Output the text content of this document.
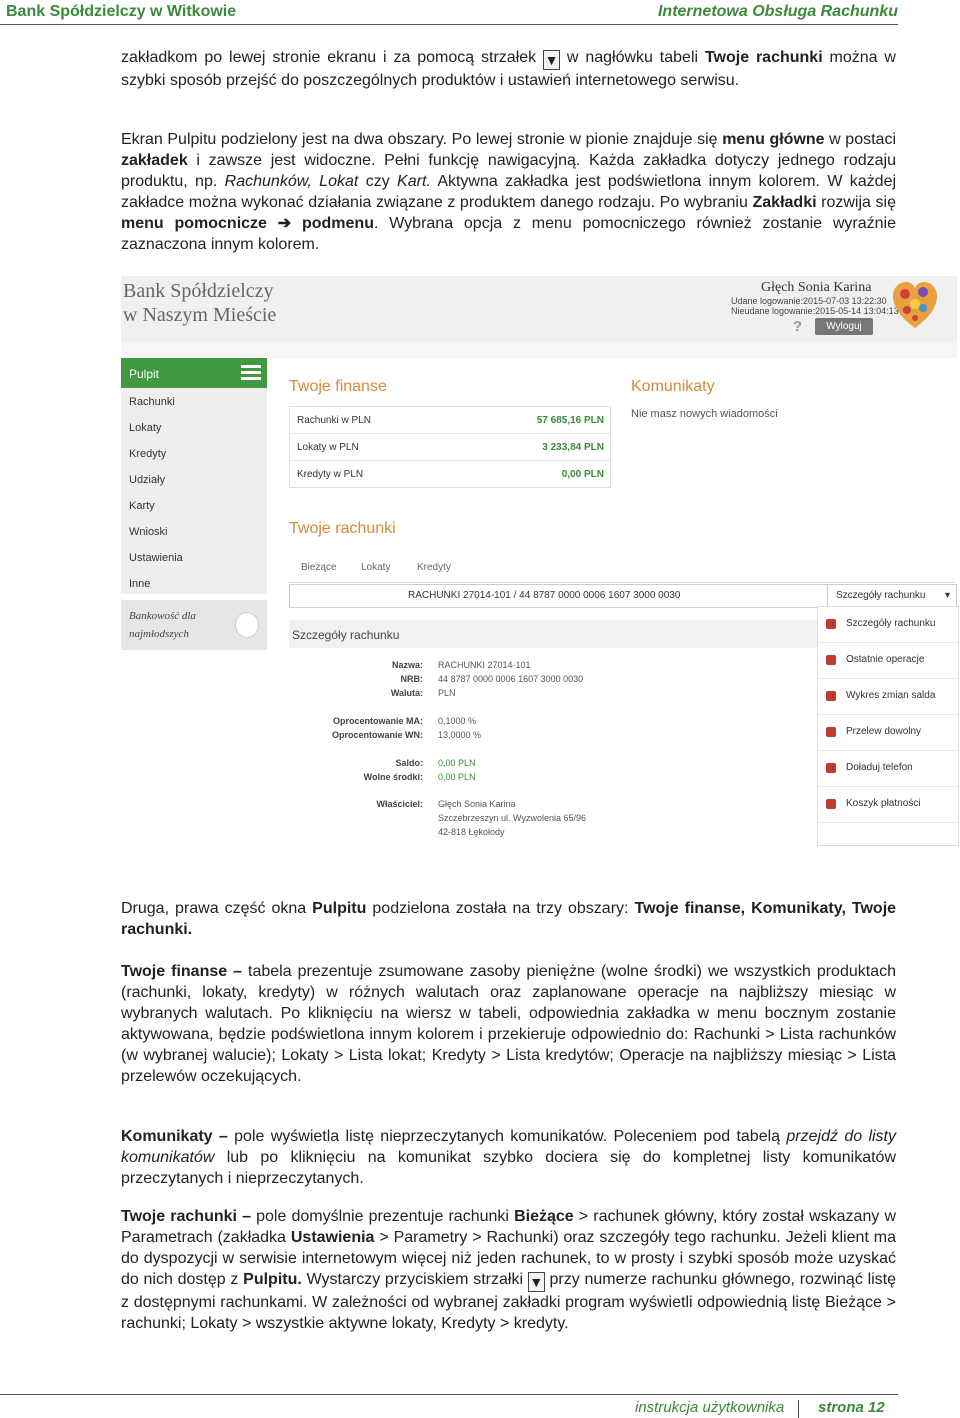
Bank Spółdzielczy w Witkowie	Internetowa Obsługa Rachunku
zakładkom po lewej stronie ekranu i za pomocą strzałek ▼ w nagłówku tabeli Twoje rachunki można w szybki sposób przejść do poszczególnych produktów i ustawień internetowego serwisu.
Ekran Pulpitu podzielony jest na dwa obszary. Po lewej stronie w pionie znajduje się menu główne w postaci zakładek i zawsze jest widoczne. Pełni funkcję nawigacyjną. Każda zakładka dotyczy jednego rodzaju produktu, np. Rachunków, Lokat czy Kart. Aktywna zakładka jest podświetlona innym kolorem. W każdej zakładce można wykonać działania związane z produktem danego rodzaju. Po wybraniu Zakładki rozwija się menu pomocnicze ➔ podmenu. Wybrana opcja z menu pomocniczego również zostanie wyraźnie zaznaczona innym kolorem.
Bank Spółdzielczy
w Naszym Mieście
Głęch Sonia Karina
Udane logowanie:2015-07-03 13:22:30
Nieudane logowanie:2015-05-14 13:04:13
?	Wyloguj
Pulpit
Rachunki
Lokaty
Kredyty
Udziały
Karty
Wnioski
Ustawienia
Inne
Bankowość dla
najmłodszych
Twoje finanse
Rachunki w PLN	57 685,16 PLN
Lokaty w PLN	3 233,84 PLN
Kredyty w PLN	0,00 PLN
Komunikaty
Nie masz nowych wiadomości
Twoje rachunki
Bieżące Lokaty	Kredyty
RACHUNKI 27014-101 / 44 8787 0000 0006 1607 3000 0030	Szczegóły rachunku ▾
Szczegóły rachunku
Nazwa: RACHUNKI 27014-101
NRB: 44 8787 0000 0006 1607 3000 0030
Waluta: PLN
Oprocentowanie MA: 0,1000 %
Oprocentowanie WN: 13,0000 %
Saldo: 0,00 PLN
Wolne środki: 0,00 PLN
Właściciel: Głęch Sonia Karina
Szczebrzeszyn ul. Wyzwolenia 65/96
42-818 Łękołody
Szczegóły rachunku
Ostatnie operacje
Wykres zmian salda
Przelew dowolny
Doładuj telefon
Koszyk płatności
Druga, prawa część okna Pulpitu podzielona została na trzy obszary: Twoje finanse, Komunikaty, Twoje rachunki.
Twoje finanse – tabela prezentuje zsumowane zasoby pieniężne (wolne środki) we wszystkich produktach (rachunki, lokaty, kredyty) w różnych walutach oraz zaplanowane operacje na najbliższy miesiąc w wybranych walutach. Po kliknięciu na wiersz w tabeli, odpowiednia zakładka w menu bocznym zostanie aktywowana, będzie podświetlona innym kolorem i przekieruje odpowiednio do: Rachunki > Lista rachunków (w wybranej walucie); Lokaty > Lista lokat; Kredyty > Lista kredytów; Operacje na najbliższy miesiąc > Lista przelewów oczekujących.
Komunikaty – pole wyświetla listę nieprzeczytanych komunikatów. Poleceniem pod tabelą przejdź do listy komunikatów lub po kliknięciu na komunikat szybko dociera się do kompletnej listy komunikatów przeczytanych i nieprzeczytanych.
Twoje rachunki – pole domyślnie prezentuje rachunki Bieżące > rachunek główny, który został wskazany w Parametrach (zakładka Ustawienia > Parametry > Rachunki) oraz szczegóły tego rachunku. Jeżeli klient ma do dyspozycji w serwisie internetowym więcej niż jeden rachunek, to w prosty i szybki sposób może uzyskać do nich dostęp z Pulpitu. Wystarczy przyciskiem strzałki ▼ przy numerze rachunku głównego, rozwinąć listę z dostępnymi rachunkami. W zależności od wybranej zakładki program wyświetli odpowiednią listę Bieżące > rachunki; Lokaty > wszystkie aktywne lokaty, Kredyty > kredyty.
instrukcja użytkownika strona 12
